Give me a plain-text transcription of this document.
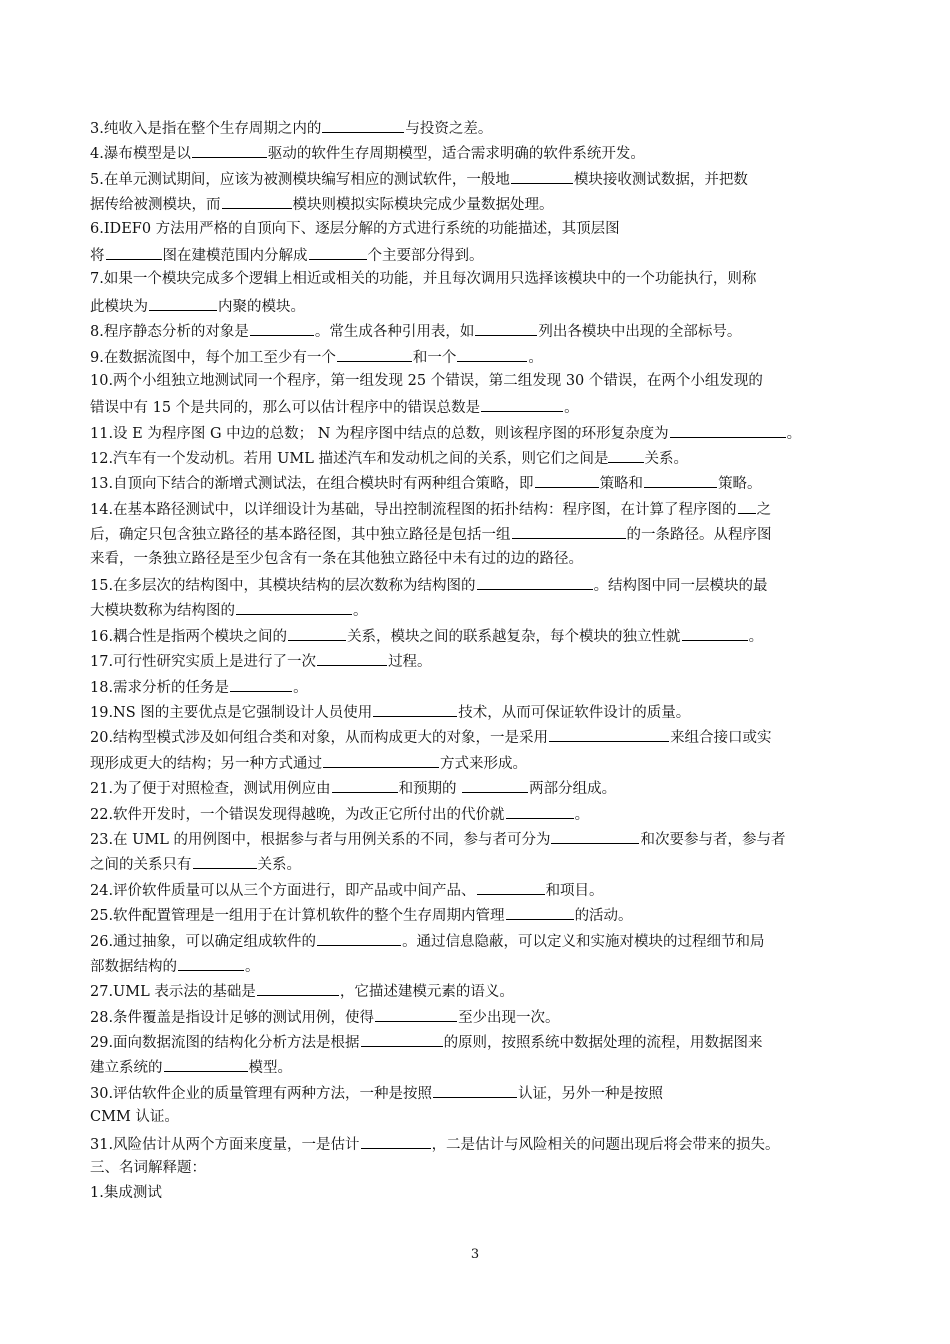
3.纯收入是指在整个生存周期之内的	与投资之差。
4.瀑布模型是以	驱动的软件生存周期模型，适合需求明确的软件系统开发。
5.在单元测试期间，应该为被测模块编写相应的测试软件，一般地	模块接收测试数据，并把数
据传给被测模块，而	模块则模拟实际模块完成少量数据处理。
6.IDEF0 方法用严格的自顶向下、逐层分解的方式进行系统的功能描述，其顶层图
将	图在建模范围内分解成	个主要部分得到。
7.如果一个模块完成多个逻辑上相近或相关的功能，并且每次调用只选择该模块中的一个功能执行，则称
此模块为	内聚的模块。
8.程序静态分析的对象是	。常生成各种引用表，如	列出各模块中出现的全部标号。
9.在数据流图中，每个加工至少有一个	和一个	。
10.两个小组独立地测试同一个程序，第一组发现 25 个错误，第二组发现 30 个错误，在两个小组发现的
错误中有 15 个是共同的，那么可以估计程序中的错误总数是	。
11.设 E 为程序图 G 中边的总数； N 为程序图中结点的总数，则该程序图的环形复杂度为	。
12.汽车有一个发动机。若用 UML 描述汽车和发动机之间的关系，则它们之间是 关系。
13.自顶向下结合的渐增式测试法，在组合模块时有两种组合策略，即	策略和	策略。
14.在基本路径测试中，以详细设计为基础，导出控制流程图的拓扑结构：程序图，在计算了程序图的 之
后，确定只包含独立路径的基本路径图，其中独立路径是包括一组	的一条路径。从程序图
来看，一条独立路径是至少包含有一条在其他独立路径中未有过的边的路径。
15.在多层次的结构图中，其模块结构的层次数称为结构图的	。结构图中同一层模块的最
大模块数称为结构图的	。
16.耦合性是指两个模块之间的	关系，模块之间的联系越复杂，每个模块的独立性就	。
17.可行性研究实质上是进行了一次	过程。
18.需求分析的任务是	。
19.NS 图的主要优点是它强制设计人员使用	技术，从而可保证软件设计的质量。
20.结构型模式涉及如何组合类和对象，从而构成更大的对象，一是采用	来组合接口或实
现形成更大的结构；另一种方式通过	方式来形成。
21.为了便于对照检查，测试用例应由	和预期的	两部分组成。
22.软件开发时，一个错误发现得越晚，为改正它所付出的代价就	。
23.在 UML 的用例图中，根据参与者与用例关系的不同，参与者可分为	和次要参与者，参与者
之间的关系只有	关系。
24.评价软件质量可以从三个方面进行，即产品或中间产品、	和项目。
25.软件配置管理是一组用于在计算机软件的整个生存周期内管理	的活动。
26.通过抽象，可以确定组成软件的	。通过信息隐蔽，可以定义和实施对模块的过程细节和局
部数据结构的	。
27.UML 表示法的基础是	，它描述建模元素的语义。
28.条件覆盖是指设计足够的测试用例，使得	至少出现一次。
29.面向数据流图的结构化分析方法是根据	的原则，按照系统中数据处理的流程，用数据图来
建立系统的	模型。
30.评估软件企业的质量管理有两种方法，一种是按照	认证，另外一种是按照
CMM 认证。
31.风险估计从两个方面来度量，一是估计	，二是估计与风险相关的问题出现后将会带来的损失。
三、名词解释题：
1.集成测试
3
